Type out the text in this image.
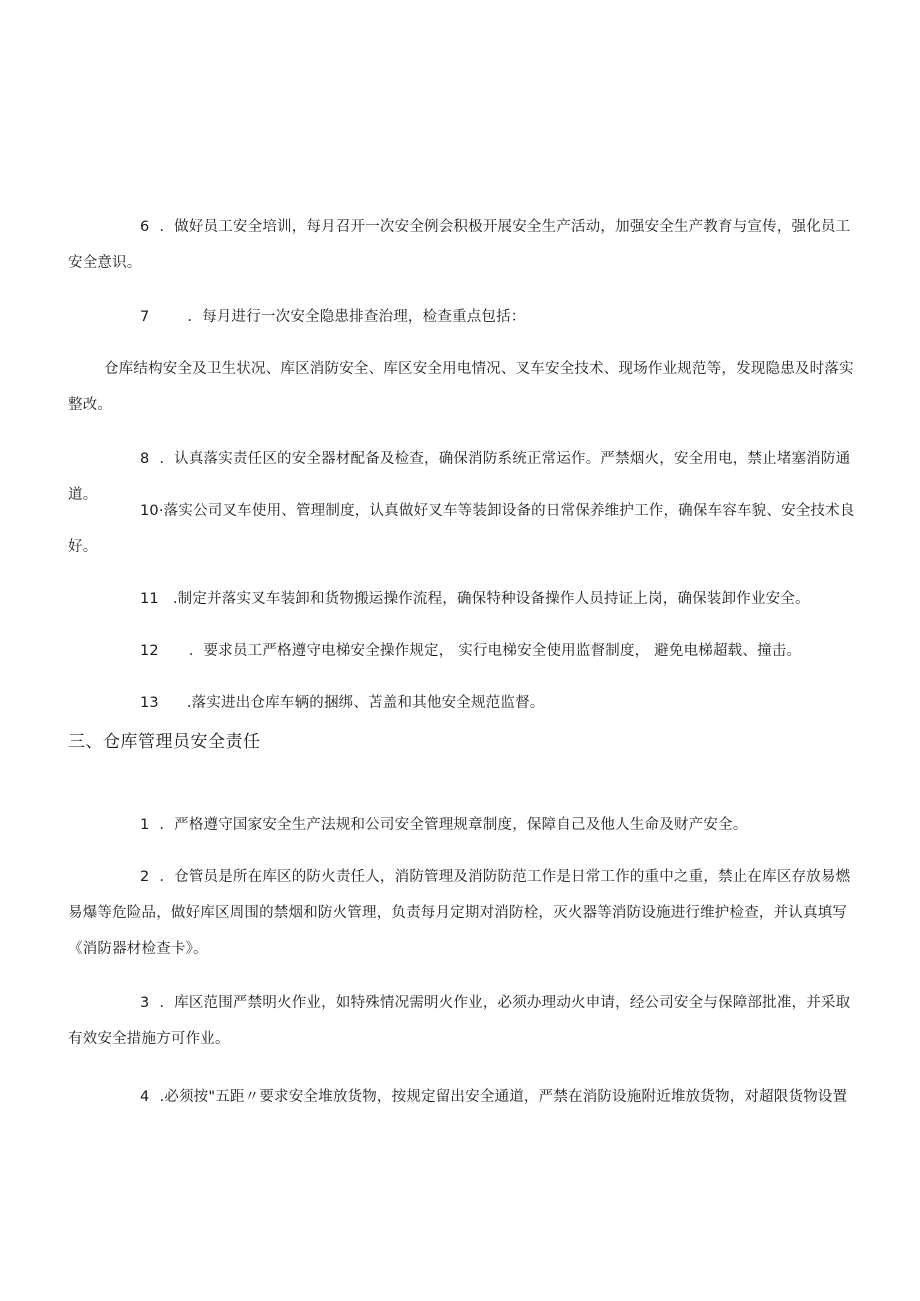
6 ．做好员工安全培训，每月召开一次安全例会积极开展安全生产活动，加强安全生产教育与宣传，强化员工安全意识。

7	．每月进行一次安全隐患排查治理，检查重点包括：

仓库结构安全及卫生状况、库区消防安全、库区安全用电情况、叉车安全技术、现场作业规范等，发现隐患及时落实整改。

8 ．认真落实责任区的安全器材配备及检查，确保消防系统正常运作。严禁烟火，安全用电，禁止堵塞消防通道。

10·落实公司叉车使用、管理制度，认真做好叉车等装卸设备的日常保养维护工作，确保车容车貌、安全技术良好。

11 .制定并落实叉车装卸和货物搬运操作流程，确保特种设备操作人员持证上岗，确保装卸作业安全。

12 ．要求员工严格遵守电梯安全操作规定， 实行电梯安全使用监督制度， 避免电梯超载、撞击。

13 .落实进出仓库车辆的捆绑、苫盖和其他安全规范监督。

三、仓库管理员安全责任

1 ．严格遵守国家安全生产法规和公司安全管理规章制度，保障自己及他人生命及财产安全。

2 ．仓管员是所在库区的防火责任人，消防管理及消防防范工作是日常工作的重中之重，禁止在库区存放易燃易爆等危险品，做好库区周围的禁烟和防火管理，负责每月定期对消防栓，灭火器等消防设施进行维护检查，并认真填写《消防器材检查卡》。

3 ．库区范围严禁明火作业，如特殊情况需明火作业，必须办理动火申请，经公司安全与保障部批准，并采取有效安全措施方可作业。

4 .必须按"五距〃要求安全堆放货物，按规定留出安全通道，严禁在消防设施附近堆放货物，对超限货物设置
